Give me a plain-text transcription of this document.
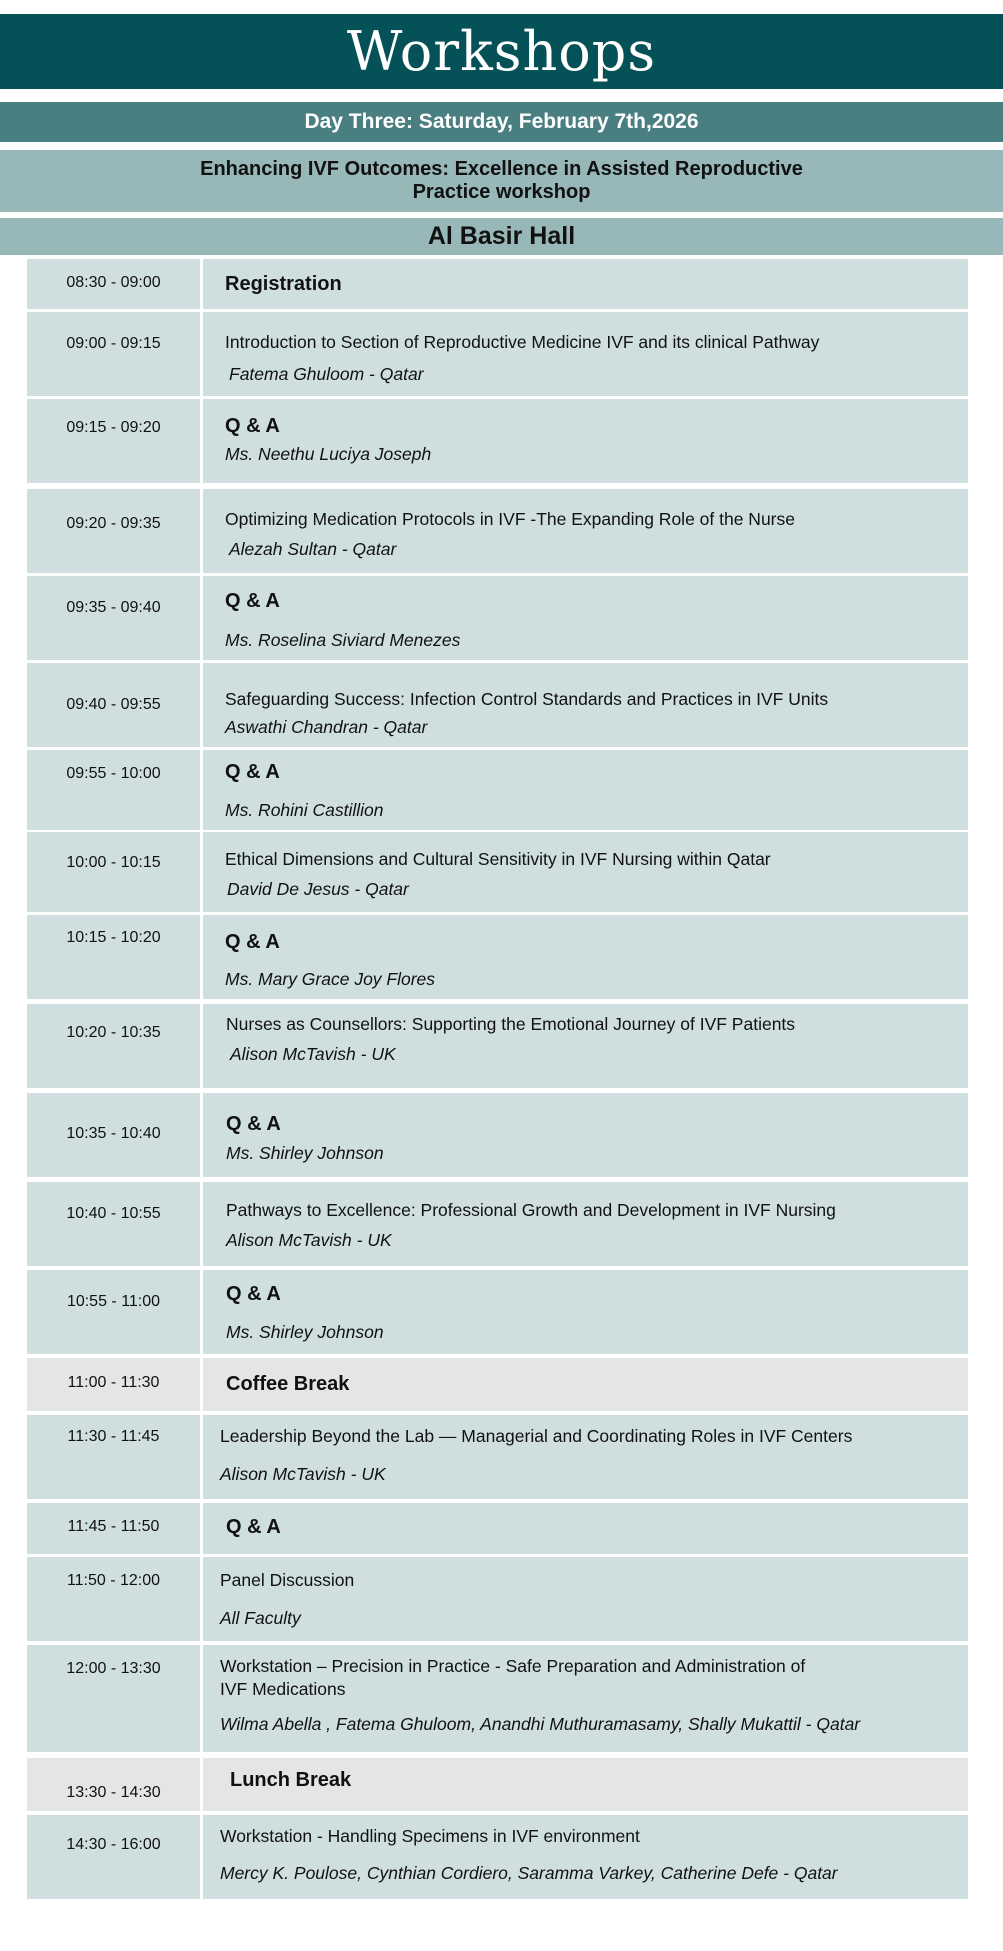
Workshops
Day Three: Saturday, February 7th,2026
Enhancing IVF Outcomes: Excellence in Assisted Reproductive
Practice workshop
Al Basir Hall
08:30 - 09:00	Registration
09:00 - 09:15	Introduction to Section of Reproductive Medicine IVF and its clinical Pathway
Fatema Ghuloom - Qatar
09:15 - 09:20	Q & A
Ms. Neethu Luciya Joseph
09:20 - 09:35	Optimizing Medication Protocols in IVF -The Expanding Role of the Nurse
Alezah Sultan - Qatar
09:35 - 09:40	Q & A
Ms. Roselina Siviard Menezes
09:40 - 09:55	Safeguarding Success: Infection Control Standards and Practices in IVF Units
Aswathi Chandran - Qatar
09:55 - 10:00	Q & A
Ms. Rohini Castillion
10:00 - 10:15	Ethical Dimensions and Cultural Sensitivity in IVF Nursing within Qatar
David De Jesus - Qatar
10:15 - 10:20	Q & A
Ms. Mary Grace Joy Flores
10:20 - 10:35	Nurses as Counsellors: Supporting the Emotional Journey of IVF Patients
Alison McTavish - UK
10:35 - 10:40	Q & A
Ms. Shirley Johnson
10:40 - 10:55	Pathways to Excellence: Professional Growth and Development in IVF Nursing
Alison McTavish - UK
10:55 - 11:00	Q & A
Ms. Shirley Johnson
11:00 - 11:30	Coffee Break
11:30 - 11:45	Leadership Beyond the Lab — Managerial and Coordinating Roles in IVF Centers
Alison McTavish - UK
11:45 - 11:50	Q & A
11:50 - 12:00	Panel Discussion
All Faculty
12:00 - 13:30	Workstation – Precision in Practice - Safe Preparation and Administration of
IVF Medications
Wilma Abella , Fatema Ghuloom, Anandhi Muthuramasamy, Shally Mukattil - Qatar
13:30 - 14:30
Lunch Break
14:30 - 16:00	Workstation - Handling Specimens in IVF environment
Mercy K. Poulose, Cynthian Cordiero, Saramma Varkey, Catherine Defe - Qatar
